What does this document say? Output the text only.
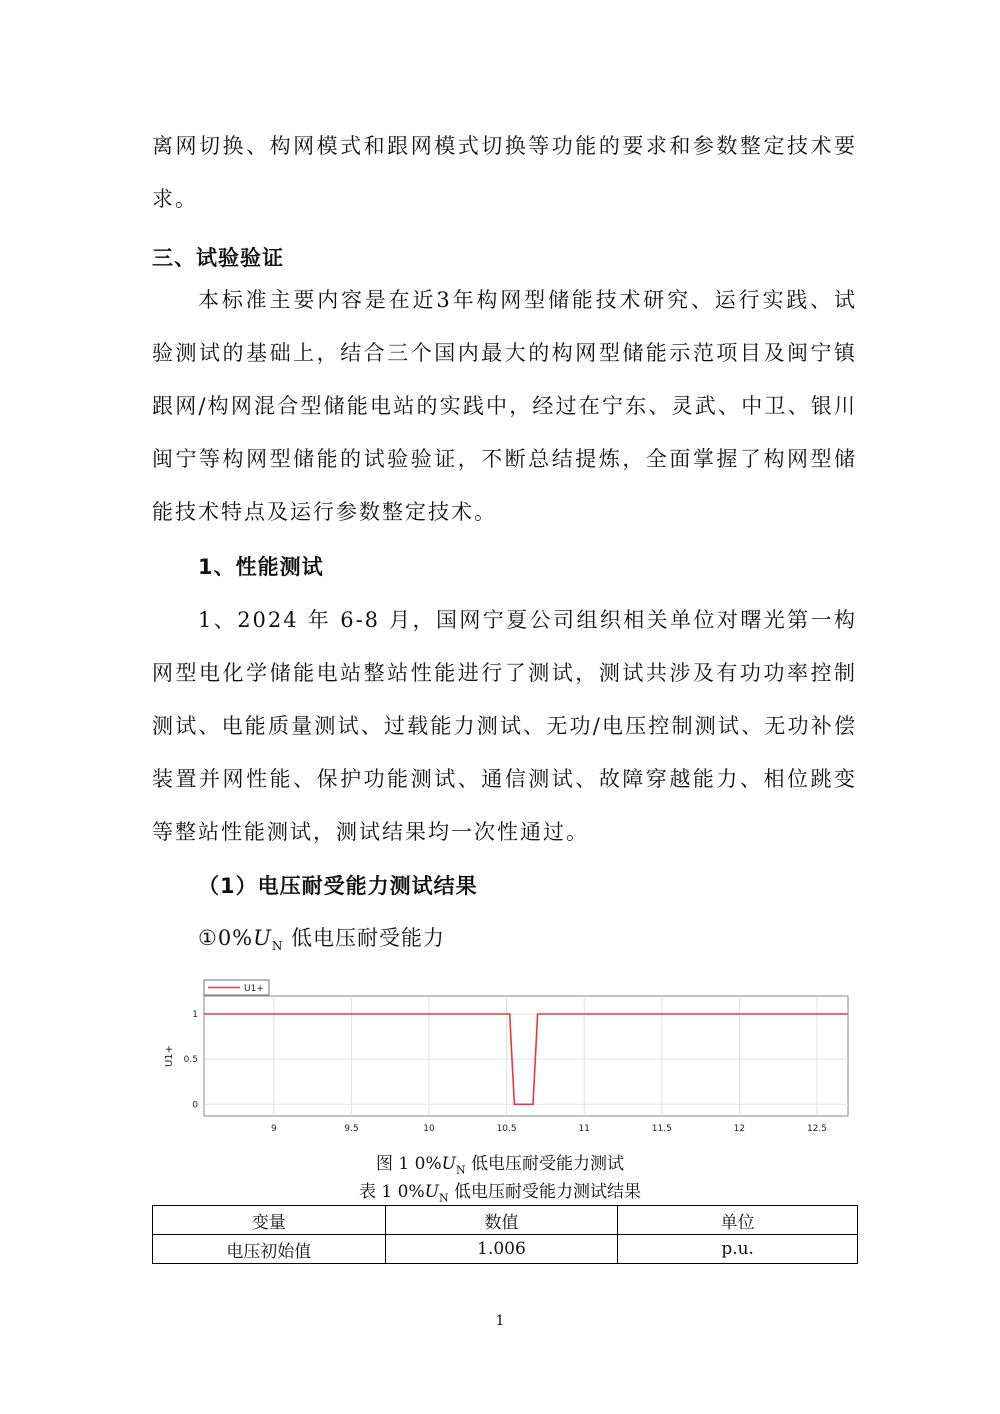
离网切换、构网模式和跟网模式切换等功能的要求和参数整定技术要求。
三、试验验证
本标准主要内容是在近3年构网型储能技术研究、运行实践、试验测试的基础上，结合三个国内最大的构网型储能示范项目及闽宁镇跟网/构网混合型储能电站的实践中，经过在宁东、灵武、中卫、银川闽宁等构网型储能的试验验证，不断总结提炼，全面掌握了构网型储能技术特点及运行参数整定技术。
1、性能测试
1、2024 年 6-8 月，国网宁夏公司组织相关单位对曙光第一构网型电化学储能电站整站性能进行了测试，测试共涉及有功功率控制测试、电能质量测试、过载能力测试、无功/电压控制测试、无功补偿装置并网性能、保护功能测试、通信测试、故障穿越能力、相位跳变等整站性能测试，测试结果均一次性通过。
（1）电压耐受能力测试结果
$①0\%U_N$ 低电压耐受能力
9	9.5	10	10.5	11	11.5	12	12.5
0
0.5
1
U1+
U1+
图 1 $0\%U_N$ 低电压耐受能力测试
表 1 $0\%U_N$ 低电压耐受能力测试结果
变量	数值	单位
电压初始值	1.006	p.u.
1
